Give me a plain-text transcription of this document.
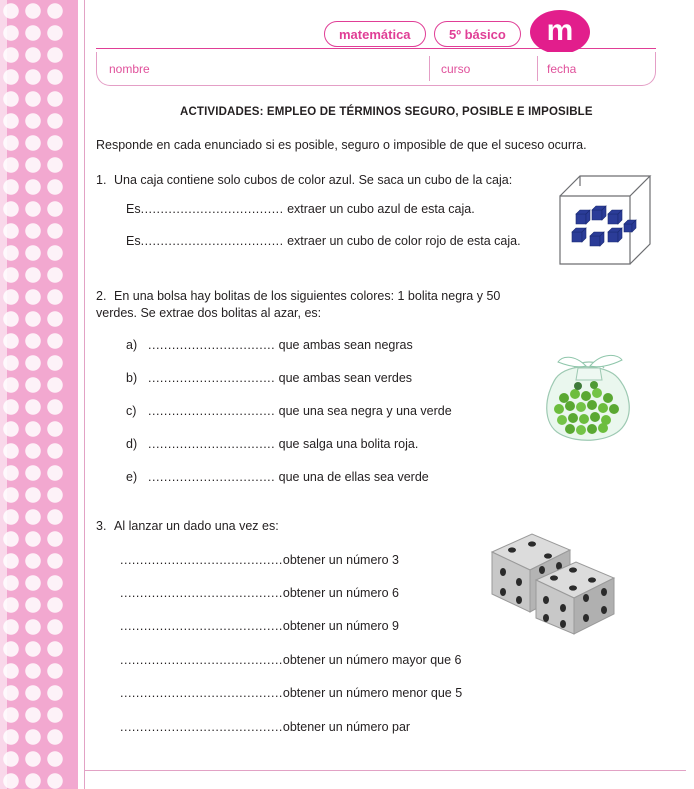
matemática	5º básico	m
nombre	curso	fecha
ACTIVIDADES: EMPLEO DE TÉRMINOS SEGURO, POSIBLE E IMPOSIBLE
Responde en cada enunciado si es posible, seguro o imposible de que el suceso ocurra.
1. Una caja contiene solo cubos de color azul. Se saca un cubo de la caja:
Es.................................... extraer un cubo azul de esta caja.
Es.................................... extraer un cubo de color rojo de esta caja.
2. En una bolsa hay bolitas de los siguientes colores: 1 bolita negra y 50 verdes. Se extrae dos bolitas al azar, es:
a) ................................ que ambas sean negras
b) ................................ que ambas sean verdes
c) ................................ que una sea negra y una verde
d) ................................ que salga una bolita roja.
e) ................................ que una de ellas sea verde
3. Al lanzar un dado una vez es:
.........................................obtener un número 3
.........................................obtener un número 6
.........................................obtener un número 9
.........................................obtener un número mayor que 6
.........................................obtener un número menor que 5
.........................................obtener un número par
